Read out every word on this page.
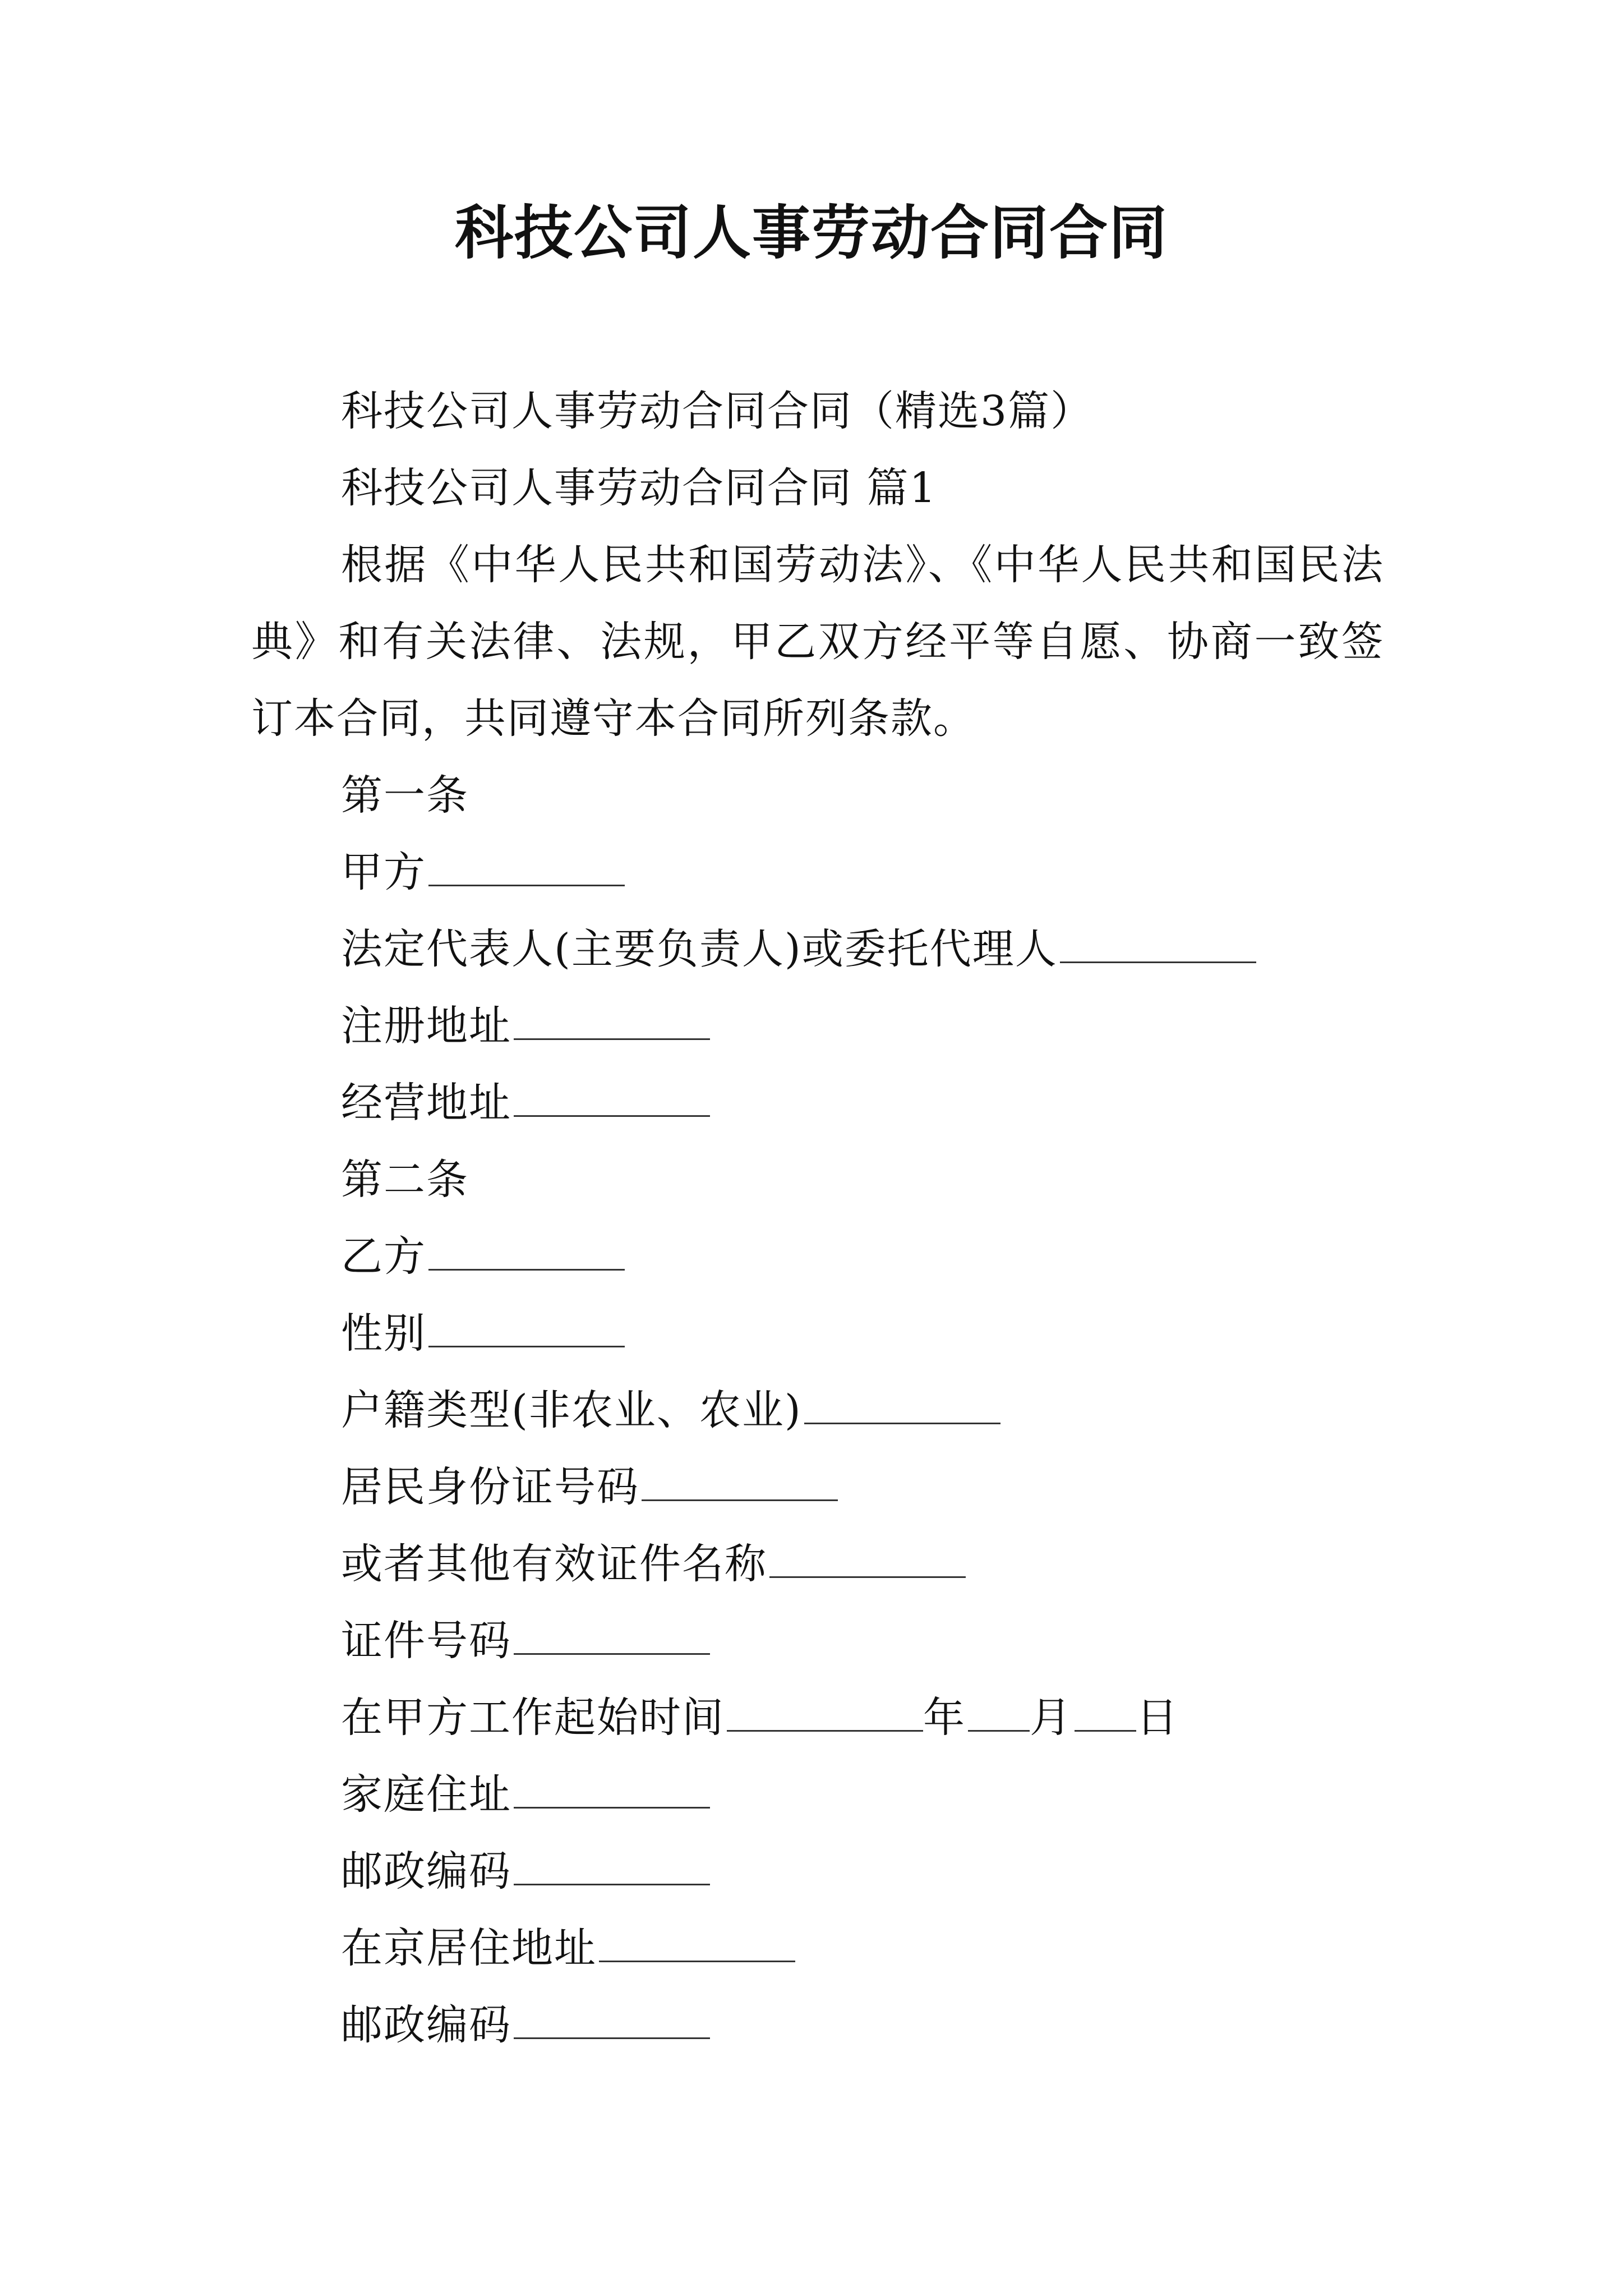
科技公司人事劳动合同合同
科技公司人事劳动合同合同（精选3篇）
科技公司人事劳动合同合同 篇1
根据《中华人民共和国劳动法》、《中华人民共和国民法典》和有关法律、法规，甲乙双方经平等自愿、协商一致签订本合同，共同遵守本合同所列条款。
第一条
甲方
法定代表人(主要负责人)或委托代理人
注册地址
经营地址
第二条
乙方
性别
户籍类型(非农业、农业)
居民身份证号码
或者其他有效证件名称
证件号码
在甲方工作起始时间	年 月 日
家庭住址
邮政编码
在京居住地址
邮政编码
